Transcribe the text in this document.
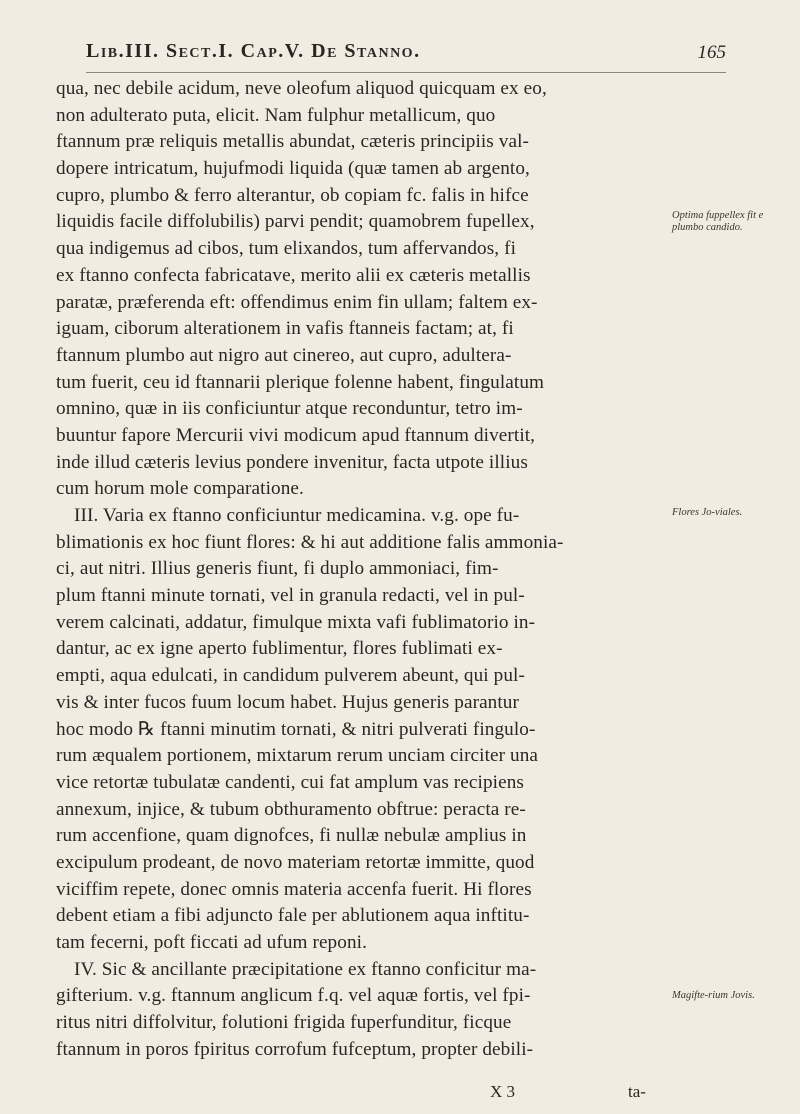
Lib.III. Sect.I. Cap.V. De Stanno.	165
qua, nec debile acidum, neve oleofum aliquod quicquam ex eo,
non adulterato puta, elicit. Nam fulphur metallicum, quo
ftannum præ reliquis metallis abundat, cæteris principiis val-
dopere intricatum, hujufmodi liquida (quæ tamen ab argento,
cupro, plumbo & ferro alterantur, ob copiam fc. falis in hifce
liquidis facile diffolubilis) parvi pendit; quamobrem fupellex,
qua indigemus ad cibos, tum elixandos, tum affervandos, fi
ex ftanno confecta fabricatave, merito alii ex cæteris metallis
paratæ, præferenda eft: offendimus enim fin ullam; faltem ex-
iguam, ciborum alterationem in vafis ftanneis factam; at, fi
ftannum plumbo aut nigro aut cinereo, aut cupro, adultera-
tum fuerit, ceu id ftannarii plerique folenne habent, fingulatum
omnino, quæ in iis conficiuntur atque reconduntur, tetro im-
buuntur fapore Mercurii vivi modicum apud ftannum divertit,
inde illud cæteris levius pondere invenitur, facta utpote illius
cum horum mole comparatione.
III. Varia ex ftanno conficiuntur medicamina. v.g. ope fu-
blimationis ex hoc fiunt flores: & hi aut additione falis ammonia-
ci, aut nitri. Illius generis fiunt, fi duplo ammoniaci, fim-
plum ftanni minute tornati, vel in granula redacti, vel in pul-
verem calcinati, addatur, fimulque mixta vafi fublimatorio in-
dantur, ac ex igne aperto fublimentur, flores fublimati ex-
empti, aqua edulcati, in candidum pulverem abeunt, qui pul-
vis & inter fucos fuum locum habet. Hujus generis parantur
hoc modo ℞ ftanni minutim tornati, & nitri pulverati fingulo-
rum æqualem portionem, mixtarum rerum unciam circiter una
vice retortæ tubulatæ candenti, cui fat amplum vas recipiens
annexum, injice, & tubum obthuramento obftrue: peracta re-
rum accenfione, quam dignofces, fi nullæ nebulæ amplius in
excipulum prodeant, de novo materiam retortæ immitte, quod
viciffim repete, donec omnis materia accenfa fuerit. Hi flores
debent etiam a fibi adjuncto fale per ablutionem aqua inftitu-
tam fecerni, poft ficcati ad ufum reponi.
IV. Sic & ancillante præcipitatione ex ftanno conficitur ma-
gifterium. v.g. ftannum anglicum f.q. vel aquæ fortis, vel fpi-
ritus nitri diffolvitur, folutioni frigida fuperfunditur, ficque
ftannum in poros fpiritus corrofum fufceptum, propter debili-
Optima fuppellex fit e plumbo candido.
Flores Jo-viales.
Magifte-rium Jovis.
X 3	ta-
